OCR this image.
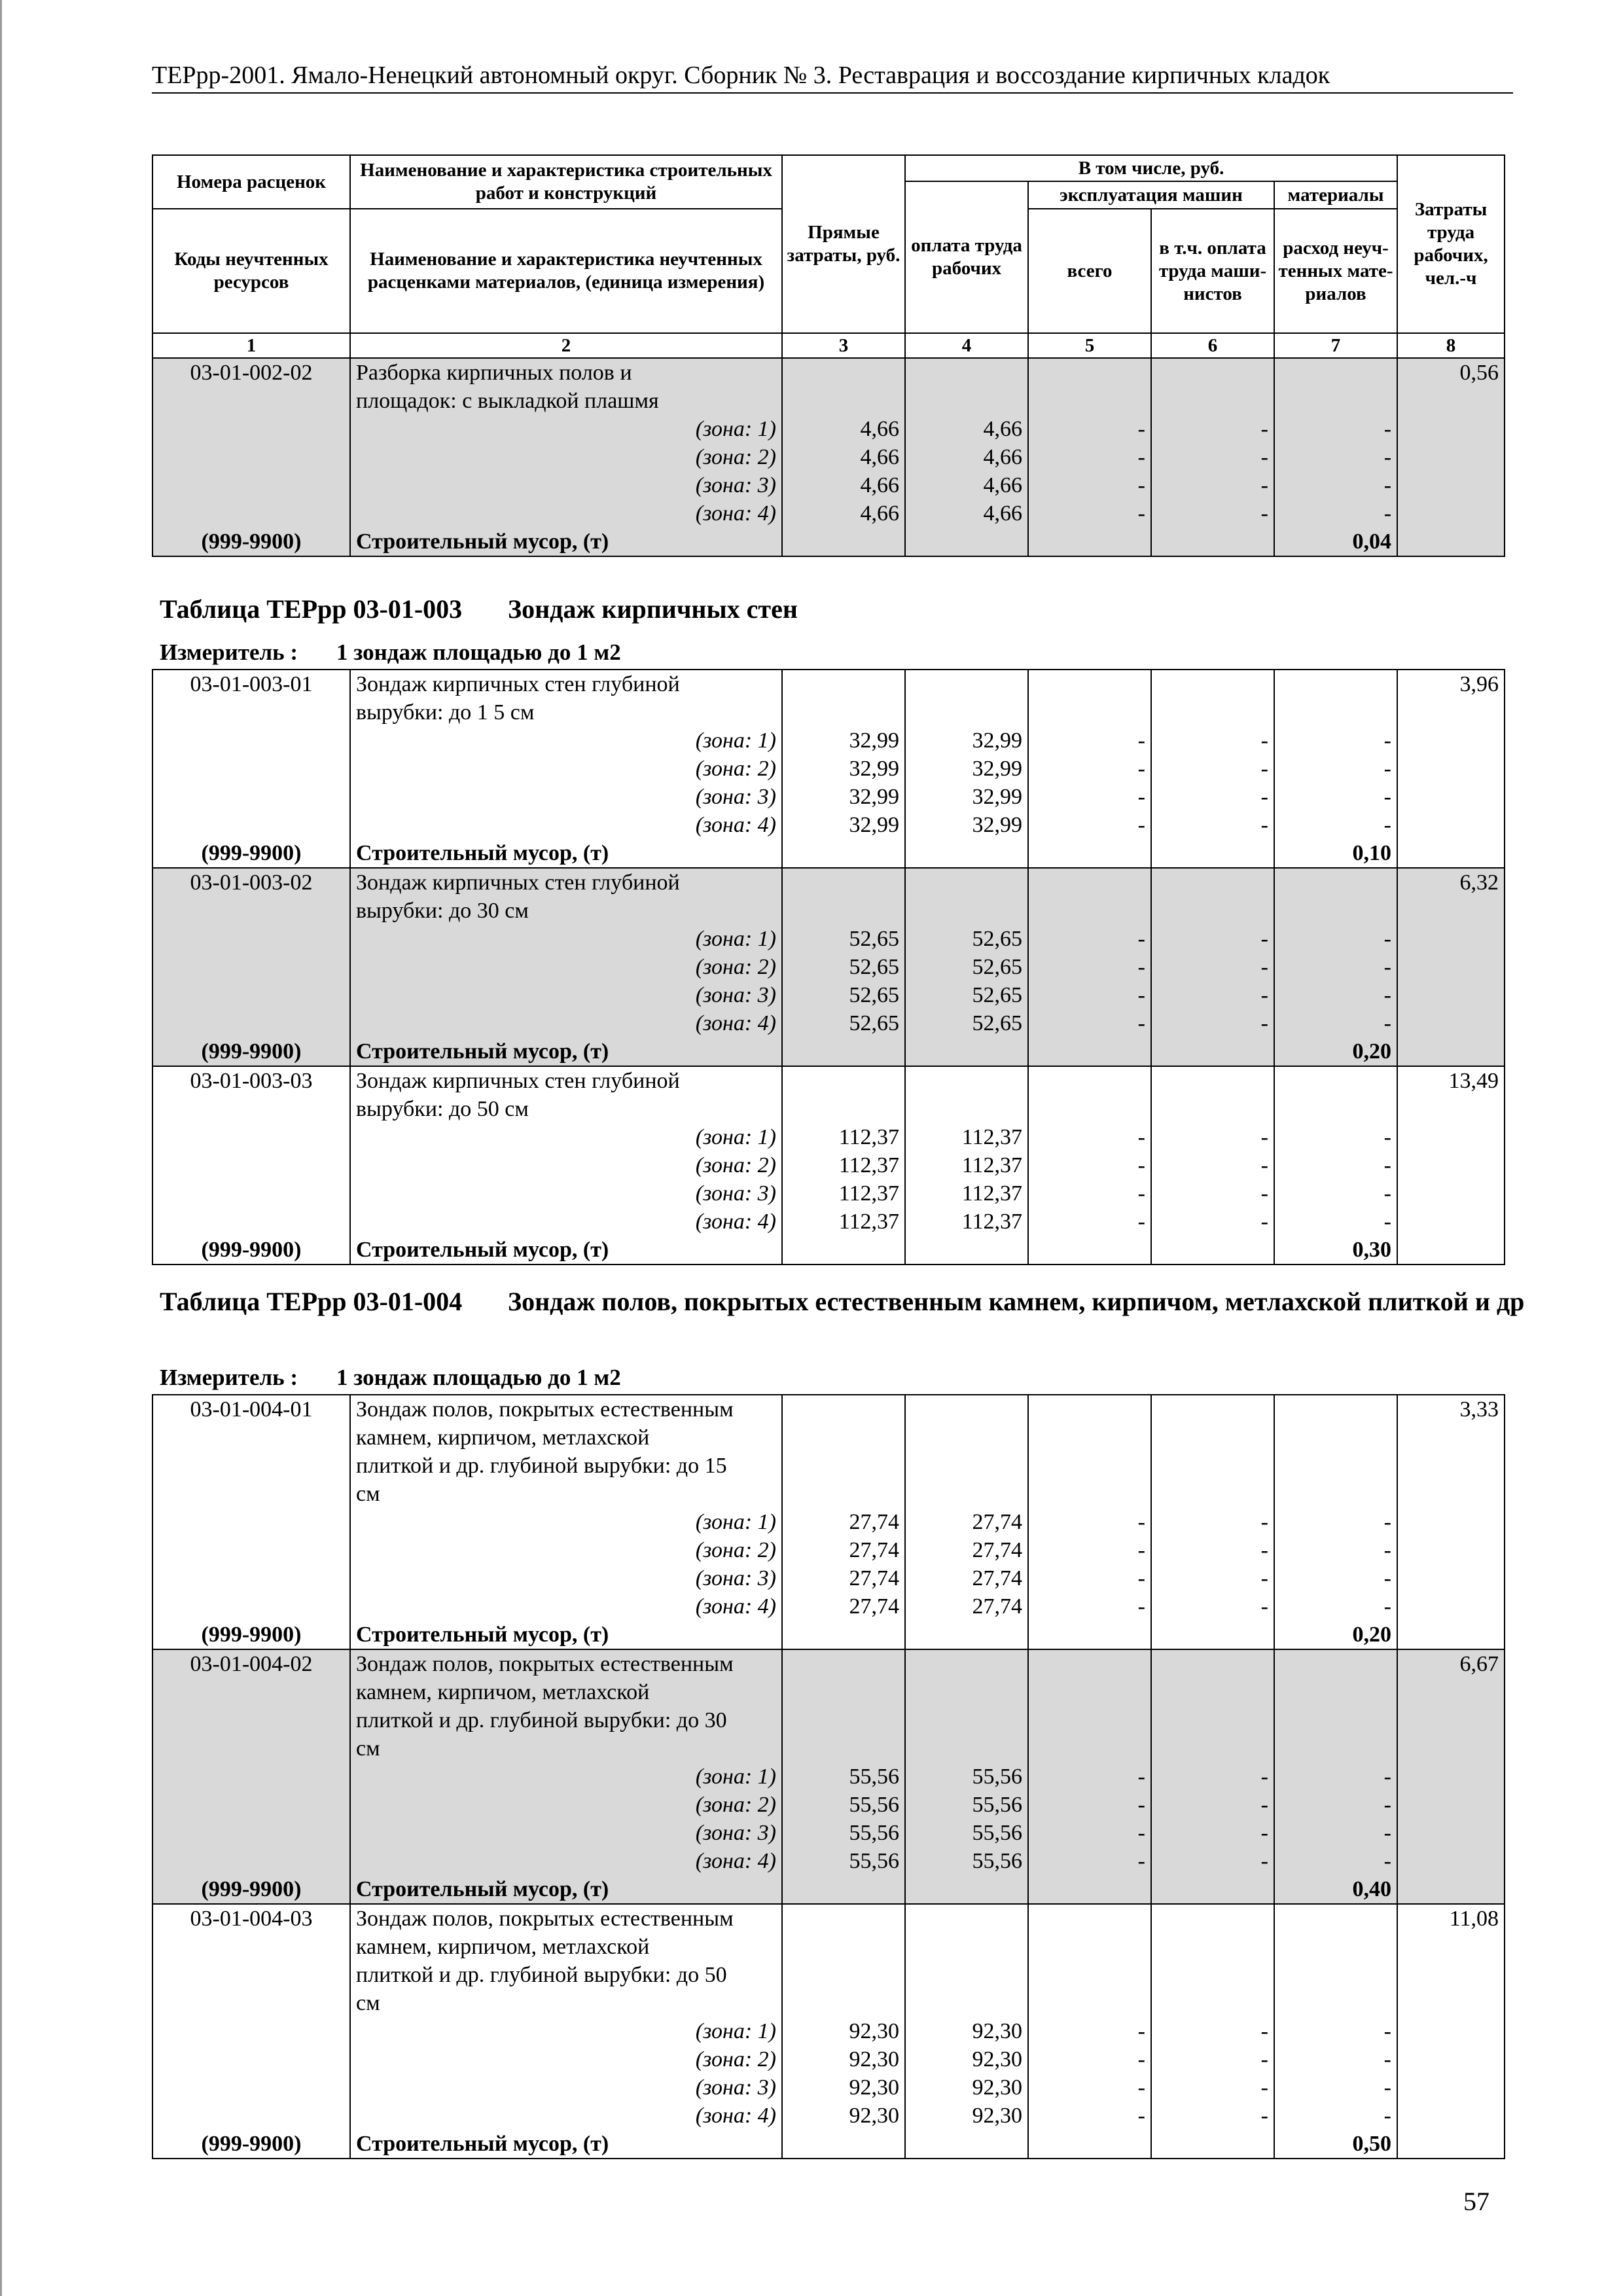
ТЕРрр-2001. Ямало-Ненецкий автономный округ. Сборник № 3. Реставрация и воссоздание кирпичных кладок
Номера расценок	Наименование и характеристика строительных работ и конструкций	Прямые затраты, руб.	В том числе, руб.				Затраты труда рабочих, чел.-ч
			оплата труда рабочих	эксплуатация машин		материалы	
Коды неучтенных ресурсов	Наименование и характеристика неучтенных расценками материалов, (единица измерения)			всего	в т.ч. оплата труда маши-нистов	расход неуч-тенных мате-риалов	
1	2	3	4	5	6	7	8
03-01-002-02	Разборка кирпичных полов и						0,56
	площадок: с выкладкой плашмя						
	(зона: 1)	4,66	4,66	-	-	-	
	(зона: 2)	4,66	4,66	-	-	-	
	(зона: 3)	4,66	4,66	-	-	-	
	(зона: 4)	4,66	4,66	-	-	-	
(999-9900)	Строительный мусор, (т)					0,04	
Таблица ТЕРрр 03-01-003 Зондаж кирпичных стен
Измеритель : 1 зондаж площадью до 1 м2
03-01-003-01	Зондаж кирпичных стен глубиной						3,96
	вырубки: до 1 5 см						
	(зона: 1)	32,99	32,99	-	-	-	
	(зона: 2)	32,99	32,99	-	-	-	
	(зона: 3)	32,99	32,99	-	-	-	
	(зона: 4)	32,99	32,99	-	-	-	
(999-9900)	Строительный мусор, (т)					0,10	
03-01-003-02	Зондаж кирпичных стен глубиной						6,32
	вырубки: до 30 см						
	(зона: 1)	52,65	52,65	-	-	-	
	(зона: 2)	52,65	52,65	-	-	-	
	(зона: 3)	52,65	52,65	-	-	-	
	(зона: 4)	52,65	52,65	-	-	-	
(999-9900)	Строительный мусор, (т)					0,20	
03-01-003-03	Зондаж кирпичных стен глубиной						13,49
	вырубки: до 50 см						
	(зона: 1)	112,37	112,37	-	-	-	
	(зона: 2)	112,37	112,37	-	-	-	
	(зона: 3)	112,37	112,37	-	-	-	
	(зона: 4)	112,37	112,37	-	-	-	
(999-9900)	Строительный мусор, (т)					0,30	
Таблица ТЕРрр 03-01-004 Зондаж полов, покрытых естественным камнем, кирпичом, метлахской плиткой и др
Измеритель : 1 зондаж площадью до 1 м2
03-01-004-01	Зондаж полов, покрытых естественным						3,33
	камнем, кирпичом, метлахской						
	плиткой и др. глубиной вырубки: до 15						
	см						
	(зона: 1)	27,74	27,74	-	-	-	
	(зона: 2)	27,74	27,74	-	-	-	
	(зона: 3)	27,74	27,74	-	-	-	
	(зона: 4)	27,74	27,74	-	-	-	
(999-9900)	Строительный мусор, (т)					0,20	
03-01-004-02	Зондаж полов, покрытых естественным						6,67
	камнем, кирпичом, метлахской						
	плиткой и др. глубиной вырубки: до 30						
	см						
	(зона: 1)	55,56	55,56	-	-	-	
	(зона: 2)	55,56	55,56	-	-	-	
	(зона: 3)	55,56	55,56	-	-	-	
	(зона: 4)	55,56	55,56	-	-	-	
(999-9900)	Строительный мусор, (т)					0,40	
03-01-004-03	Зондаж полов, покрытых естественным						11,08
	камнем, кирпичом, метлахской						
	плиткой и др. глубиной вырубки: до 50						
	см						
	(зона: 1)	92,30	92,30	-	-	-	
	(зона: 2)	92,30	92,30	-	-	-	
	(зона: 3)	92,30	92,30	-	-	-	
	(зона: 4)	92,30	92,30	-	-	-	
(999-9900)	Строительный мусор, (т)					0,50	
57
